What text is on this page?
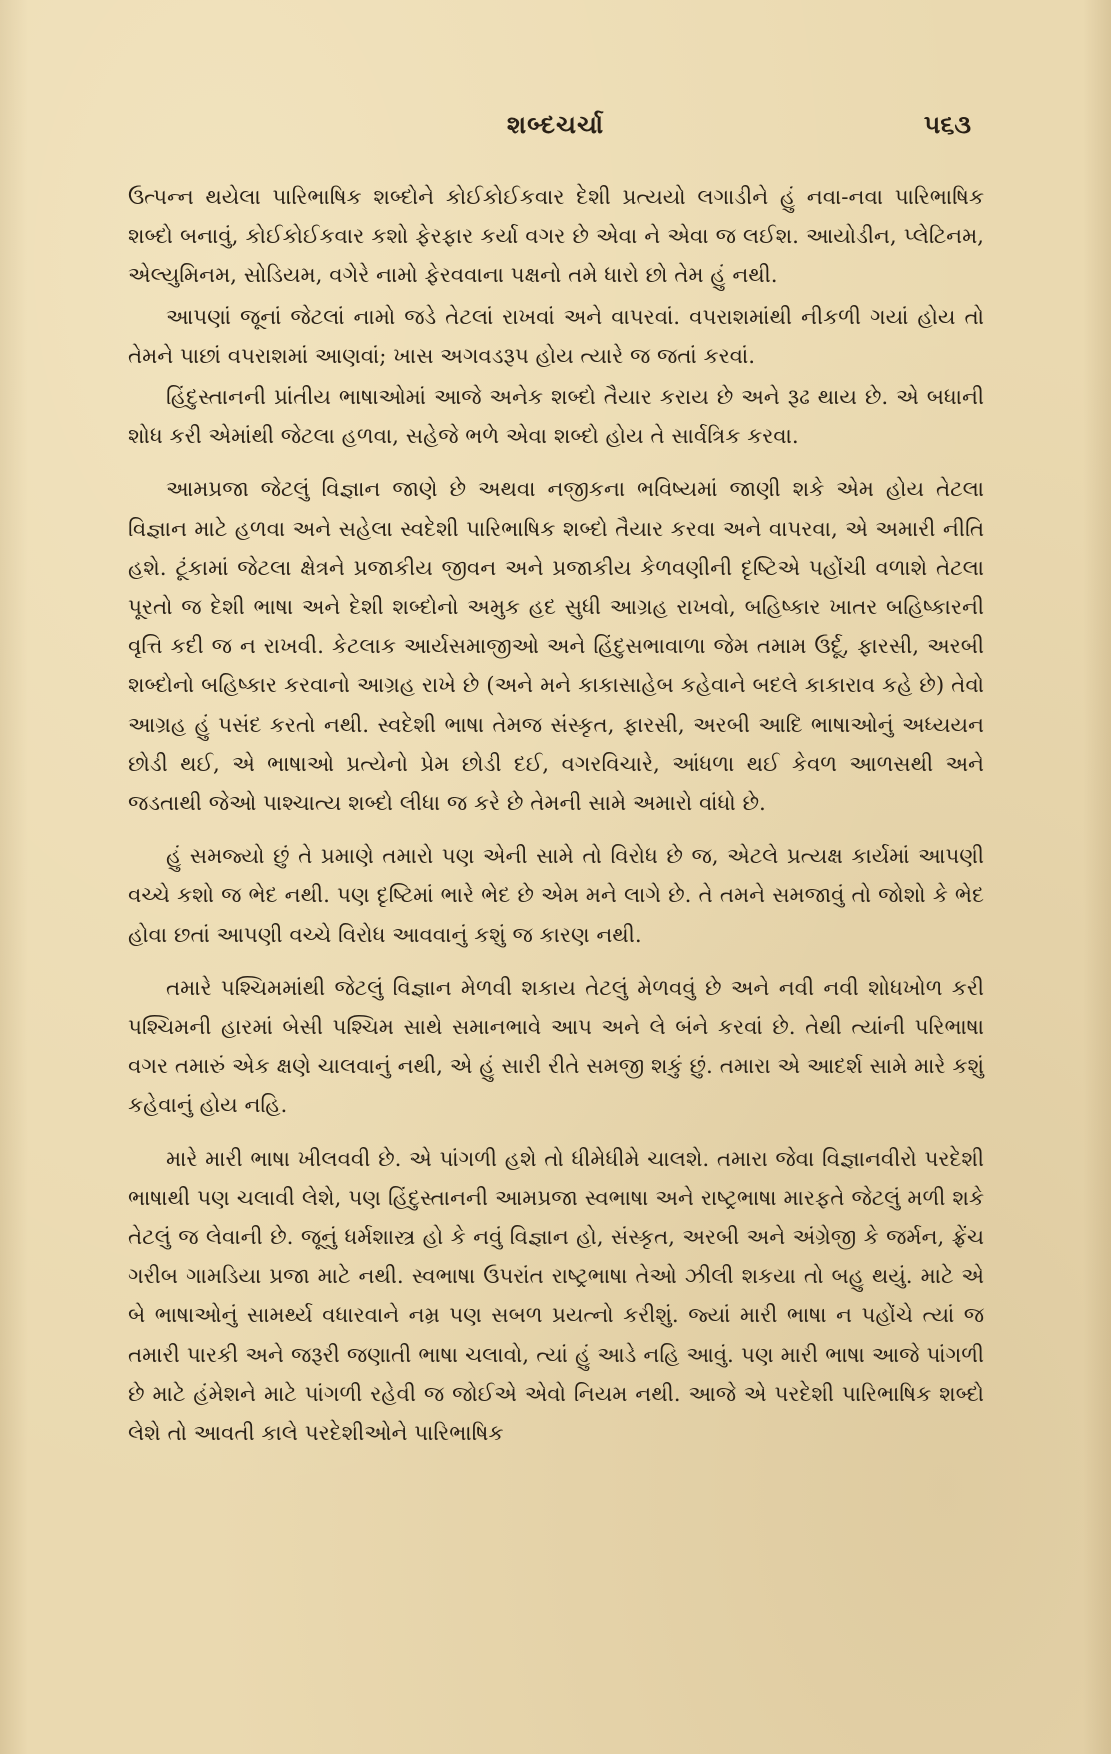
શબ્દચર્ચા	૫૬૩

ઉત્પન્ન થયેલા પારિભાષિક શબ્દોને કોઈકોઈકવાર દેશી પ્રત્યયો લગાડીને હું નવા-નવા પારિભાષિક શબ્દો બનાવું, કોઈકોઈકવાર કશો ફેરફાર કર્યા વગર છે એવા ને એવા જ લઈશ. આયોડીન, પ્લેટિનમ, એલ્યુમિનમ, સોડિયમ, વગેરે નામો ફેરવવાના પક્ષનો તમે ધારો છો તેમ હું નથી.

આપણાં જૂનાં જેટલાં નામો જડે તેટલાં રાખવાં અને વાપરવાં. વપરાશમાંથી નીકળી ગયાં હોય તો તેમને પાછાં વપરાશમાં આણવાં; ખાસ અગવડરૂપ હોય ત્યારે જ જતાં કરવાં.

હિંદુસ્તાનની પ્રાંતીય ભાષાઓમાં આજે અનેક શબ્દો તૈયાર કરાય છે અને રૂઢ થાય છે. એ બધાની શોધ કરી એમાંથી જેટલા હળવા, સહેજે ભળે એવા શબ્દો હોય તે સાર્વત્રિક કરવા.

આમપ્રજા જેટલું વિજ્ઞાન જાણે છે અથવા નજીકના ભવિષ્યમાં જાણી શકે એમ હોય તેટલા વિજ્ઞાન માટે હળવા અને સહેલા સ્વદેશી પારિભાષિક શબ્દો તૈયાર કરવા અને વાપરવા, એ અમારી નીતિ હશે. ટૂંકામાં જેટલા ક્ષેત્રને પ્રજાકીય જીવન અને પ્રજાકીય કેળવણીની દૃષ્ટિએ પહોંચી વળાશે તેટલા પૂરતો જ દેશી ભાષા અને દેશી શબ્દોનો અમુક હદ સુધી આગ્રહ રાખવો, બહિષ્કાર ખાતર બહિષ્કારની વૃત્તિ કદી જ ન રાખવી. કેટલાક આર્યસમાજીઓ અને હિંદુસભાવાળા જેમ તમામ ઉર્દૂ, ફારસી, અરબી શબ્દોનો બહિષ્કાર કરવાનો આગ્રહ રાખે છે (અને મને કાકાસાહેબ કહેવાને બદલે કાકારાવ કહે છે) તેવો આગ્રહ હું પસંદ કરતો નથી. સ્વદેશી ભાષા તેમજ સંસ્કૃત, ફારસી, અરબી આદિ ભાષાઓનું અધ્યયન છોડી થઈ, એ ભાષાઓ પ્રત્યેનો પ્રેમ છોડી દઈ, વગરવિચારે, આંધળા થઈ કેવળ આળસથી અને જડતાથી જેઓ પાશ્ચાત્ય શબ્દો લીધા જ કરે છે તેમની સામે અમારો વાંધો છે.

હું સમજ્યો છું તે પ્રમાણે તમારો પણ એની સામે તો વિરોધ છે જ, એટલે પ્રત્યક્ષ કાર્યમાં આપણી વચ્ચે કશો જ ભેદ નથી. પણ દૃષ્ટિમાં ભારે ભેદ છે એમ મને લાગે છે. તે તમને સમજાવું તો જોશો કે ભેદ હોવા છતાં આપણી વચ્ચે વિરોધ આવવાનું કશું જ કારણ નથી.

તમારે પશ્ચિમમાંથી જેટલું વિજ્ઞાન મેળવી શકાય તેટલું મેળવવું છે અને નવી નવી શોધખોળ કરી પશ્ચિમની હારમાં બેસી પશ્ચિમ સાથે સમાનભાવે આપ અને લે બંને કરવાં છે. તેથી ત્યાંની પરિભાષા વગર તમારું એક ક્ષણે ચાલવાનું નથી, એ હું સારી રીતે સમજી શકું છું. તમારા એ આદર્શ સામે મારે કશું કહેવાનું હોય નહિ.

મારે મારી ભાષા ખીલવવી છે. એ પાંગળી હશે તો ધીમેધીમે ચાલશે. તમારા જેવા વિજ્ઞાનવીરો પરદેશી ભાષાથી પણ ચલાવી લેશે, પણ હિંદુસ્તાનની આમપ્રજા સ્વભાષા અને રાષ્ટ્રભાષા મારફતે જેટલું મળી શકે તેટલું જ લેવાની છે. જૂનું ધર્મશાસ્ત્ર હો કે નવું વિજ્ઞાન હો, સંસ્કૃત, અરબી અને અંગ્રેજી કે જર્મન, ફ્રેંચ ગરીબ ગામડિયા પ્રજા માટે નથી. સ્વભાષા ઉપરાંત રાષ્ટ્રભાષા તેઓ ઝીલી શકયા તો બહુ થયું. માટે એ બે ભાષાઓનું સામર્થ્ય વધારવાને નમ્ર પણ સબળ પ્રયત્નો કરીશું. જ્યાં મારી ભાષા ન પહોંચે ત્યાં જ તમારી પારકી અને જરૂરી જણાતી ભાષા ચલાવો, ત્યાં હું આડે નહિ આવું. પણ મારી ભાષા આજે પાંગળી છે માટે હંમેશને માટે પાંગળી રહેવી જ જોઈએ એવો નિયમ નથી. આજે એ પરદેશી પારિભાષિક શબ્દો લેશે તો આવતી કાલે પરદેશીઓને પારિભાષિક
